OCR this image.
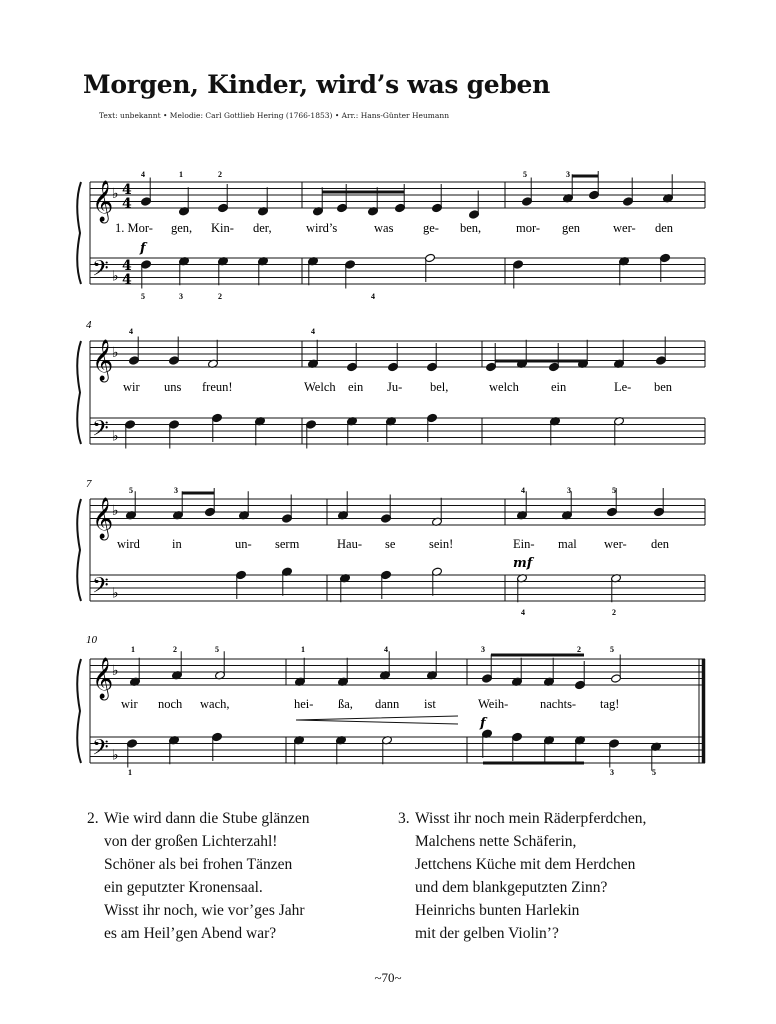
Morgen, Kinder, wird’s was geben
Text: unbekannt • Melodie: Carl Gottlieb Hering (1766-1853) • Arr.: Hans-Günter Heumann
𝄞
♭ 4
4
𝄢 ♭
4
4
𝄞
♭
𝄢 ♭
𝄞
♭
𝄢 ♭
𝄞
♭
𝄢 ♭
1. Mor- gen, Kin- der,	wird’s	was ge- ben,	mor- gen	wer- den
4	1	2	5	3
5	3	2	4
f
4
wir uns freun!	Welch ein Ju- bel,	welch	ein	Le- ben
4	4
7
wird	in	un- serm	Hau- se	sein!	Ein- mal wer- den
5	3	4	3	5
4	2
mf
10
wir noch wach,	hei- ßa, dann ist	Weih-	nachts- tag!
1	2	5	1	4	3	2	5
1	3	5
f
2. Wie wird dann die Stube glänzen
von der großen Lichterzahl!
Schöner als bei frohen Tänzen
ein geputzter Kronensaal.
Wisst ihr noch, wie vor’ges Jahr
es am Heil’gen Abend war?
3. Wisst ihr noch mein Räderpferdchen,
Malchens nette Schäferin,
Jettchens Küche mit dem Herdchen
und dem blankgeputzten Zinn?
Heinrichs bunten Harlekin
mit der gelben Violin’?
~70~
